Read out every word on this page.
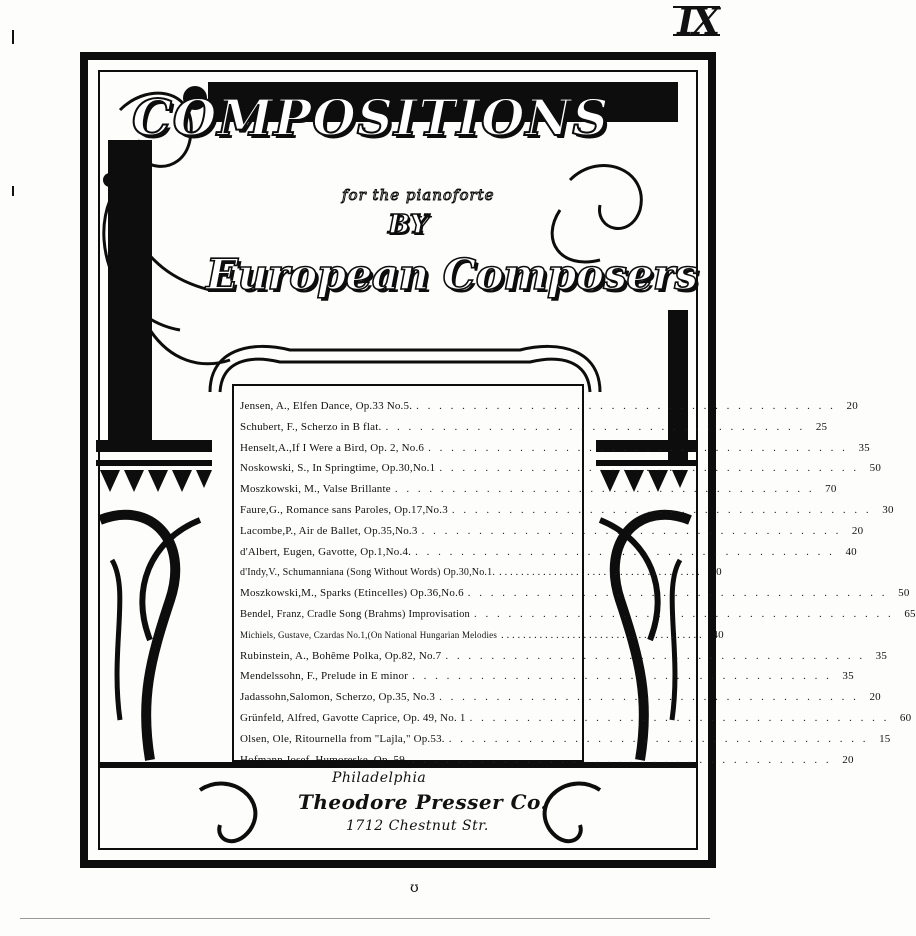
IX
COMPOSITIONS
for the pianoforte
BY
European Composers
Jensen, A., Elfen Dance, Op.33 No.5. . . .	20
Schubert, F., Scherzo in B flat. . . .	25
Henselt,A.,If I Were a Bird, Op. 2, No.6 . . .	35
Noskowski, S., In Springtime, Op.30,No.1 . . .	50
Moszkowski, M., Valse Brillante . . .	70
Faure,G., Romance sans Paroles, Op.17,No.3 . . .	30
Lacombe,P., Air de Ballet, Op.35,No.3 . . .	20
d'Albert, Eugen, Gavotte, Op.1,No.4. . . .	40
d'Indy,V., Schumanniana (Song Without Words) Op.30,No.1. . . .	20
Moszkowski,M., Sparks (Etincelles) Op.36,No.6 . . .	50
Bendel, Franz, Cradle Song (Brahms) Improvisation . . .	65
Michiels, Gustave, Czardas No.1,(On National Hungarian Melodies . . .	40
Rubinstein, A., Bohême Polka, Op.82, No.7 . . .	35
Mendelssohn, F., Prelude in E minor . . .	35
Jadassohn,Salomon, Scherzo, Op.35, No.3 . . .	20
Grünfeld, Alfred, Gavotte Caprice, Op. 49, No. 1 . . .	60
Olsen, Ole, Ritournella from "Lajla," Op.53. . . .	15
Hofmann,Josef, Humoreske, Op. 59. . . .	20
Philadelphia
Theodore Presser Co.
1712 Chestnut Str.
ʊ
